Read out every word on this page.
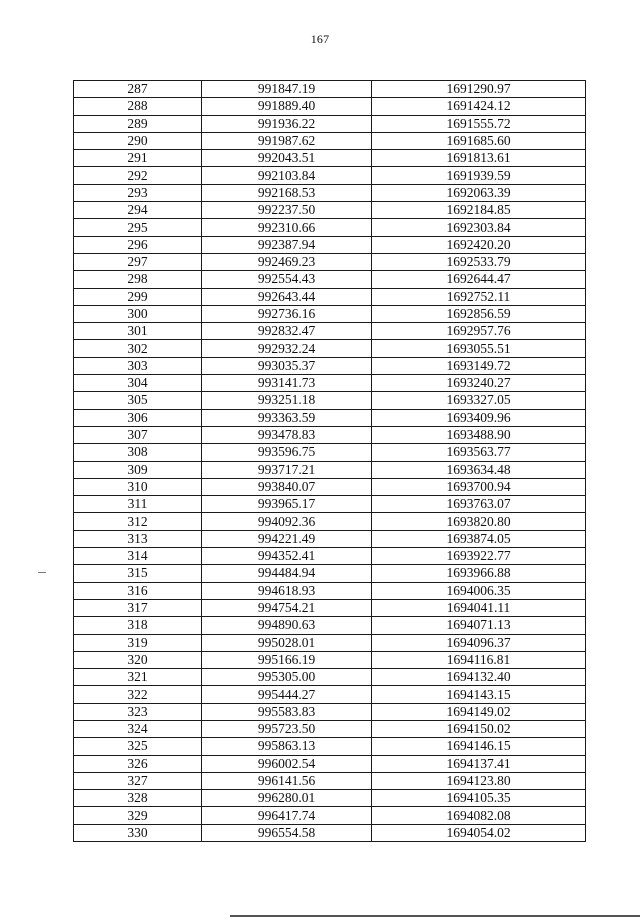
167
287	991847.19	1691290.97
288	991889.40	1691424.12
289	991936.22	1691555.72
290	991987.62	1691685.60
291	992043.51	1691813.61
292	992103.84	1691939.59
293	992168.53	1692063.39
294	992237.50	1692184.85
295	992310.66	1692303.84
296	992387.94	1692420.20
297	992469.23	1692533.79
298	992554.43	1692644.47
299	992643.44	1692752.11
300	992736.16	1692856.59
301	992832.47	1692957.76
302	992932.24	1693055.51
303	993035.37	1693149.72
304	993141.73	1693240.27
305	993251.18	1693327.05
306	993363.59	1693409.96
307	993478.83	1693488.90
308	993596.75	1693563.77
309	993717.21	1693634.48
310	993840.07	1693700.94
311	993965.17	1693763.07
312	994092.36	1693820.80
313	994221.49	1693874.05
314	994352.41	1693922.77
315	994484.94	1693966.88
316	994618.93	1694006.35
317	994754.21	1694041.11
318	994890.63	1694071.13
319	995028.01	1694096.37
320	995166.19	1694116.81
321	995305.00	1694132.40
322	995444.27	1694143.15
323	995583.83	1694149.02
324	995723.50	1694150.02
325	995863.13	1694146.15
326	996002.54	1694137.41
327	996141.56	1694123.80
328	996280.01	1694105.35
329	996417.74	1694082.08
330	996554.58	1694054.02
